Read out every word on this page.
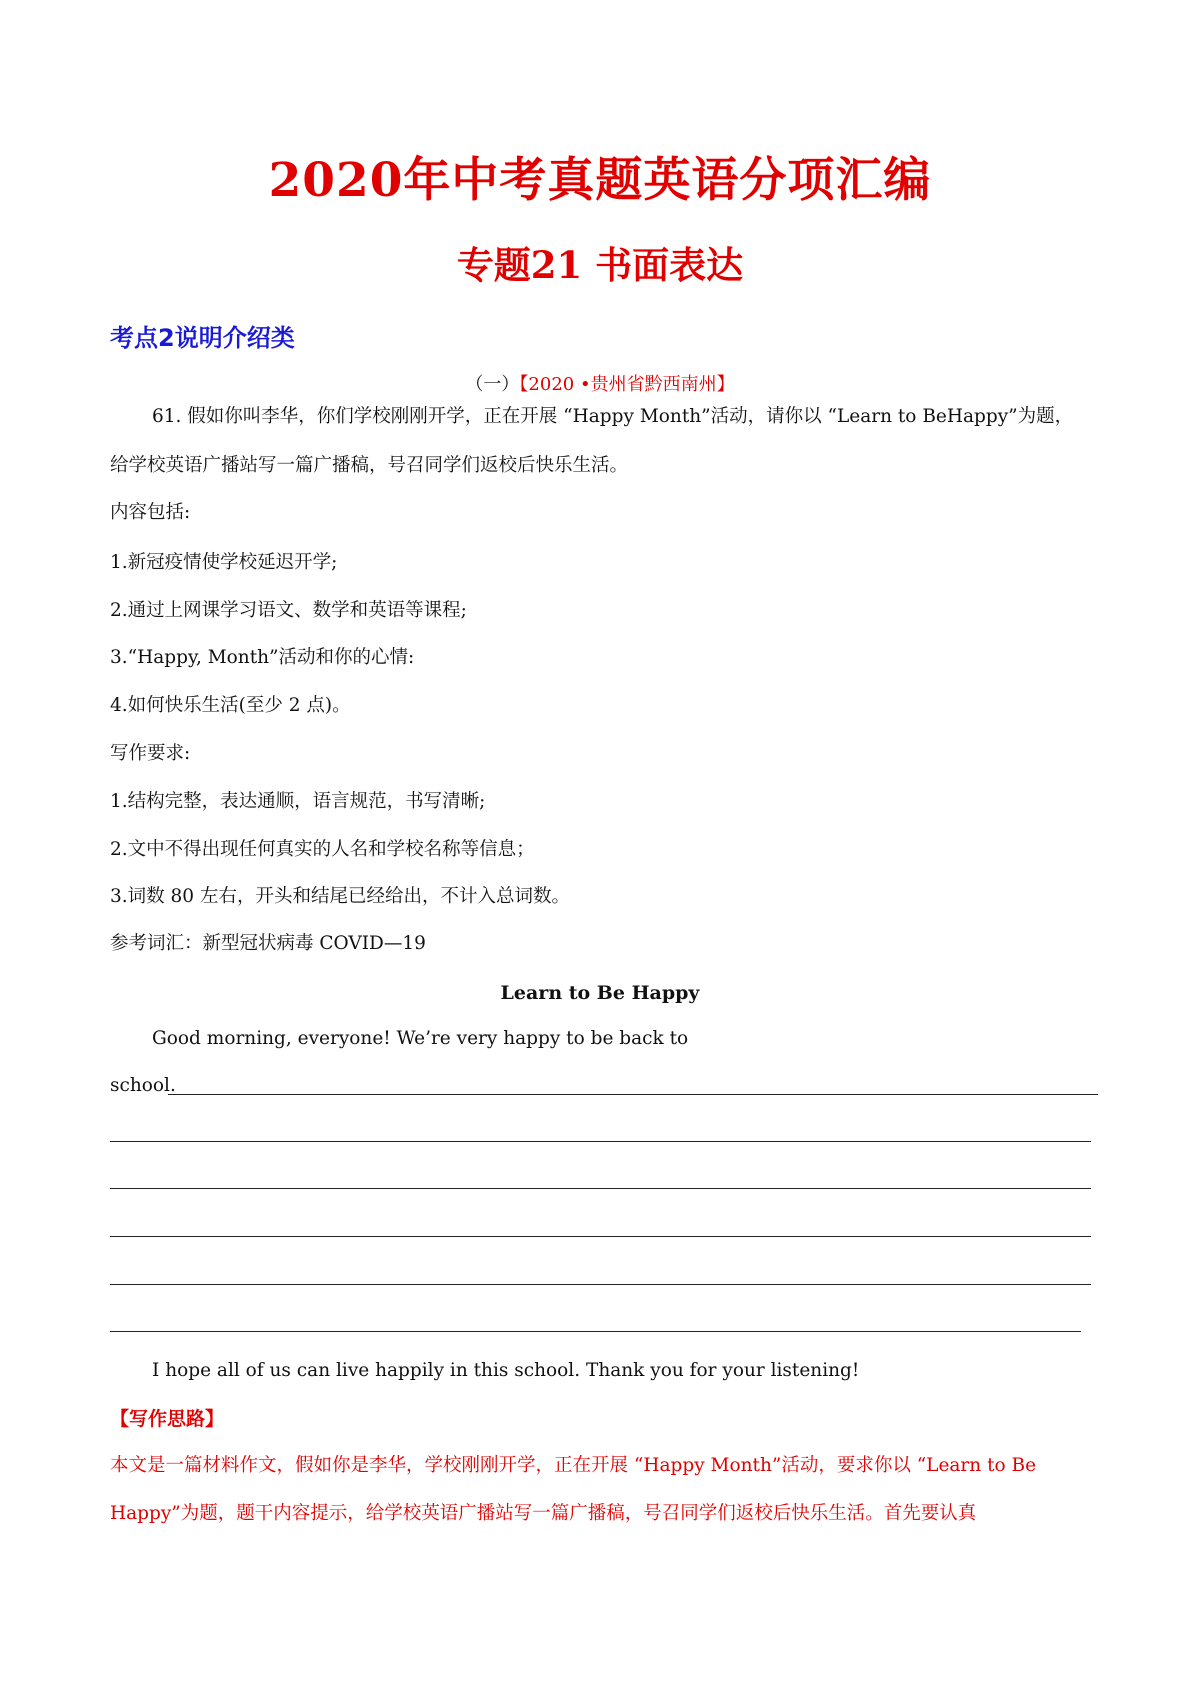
2020年中考真题英语分项汇编
专题21 书面表达
考点2说明介绍类
（一）【2020 •贵州省黔西南州】
61. 假如你叫李华，你们学校刚刚开学，正在开展 “Happy Month”活动，请你以 “Learn to BeHappy”为题，
给学校英语广播站写一篇广播稿，号召同学们返校后快乐生活。
内容包括:
1.新冠疫情使学校延迟开学;
2.通过上网课学习语文、数学和英语等课程;
3.“Happy, Month”活动和你的心情:
4.如何快乐生活(至少 2 点)。
写作要求:
1.结构完整，表达通顺，语言规范，书写清晰;
2.文中不得出现任何真实的人名和学校名称等信息；
3.词数 80 左右，开头和结尾已经给出，不计入总词数。
参考词汇：新型冠状病毒 COVID—19
Learn to Be Happy
Good morning, everyone! We’re very happy to be back to
school.
I hope all of us can live happily in this school. Thank you for your listening!
【写作思路】
本文是一篇材料作文，假如你是李华，学校刚刚开学，正在开展 “Happy Month”活动，要求你以 “Learn to Be
Happy”为题，题干内容提示，给学校英语广播站写一篇广播稿，号召同学们返校后快乐生活。首先要认真
